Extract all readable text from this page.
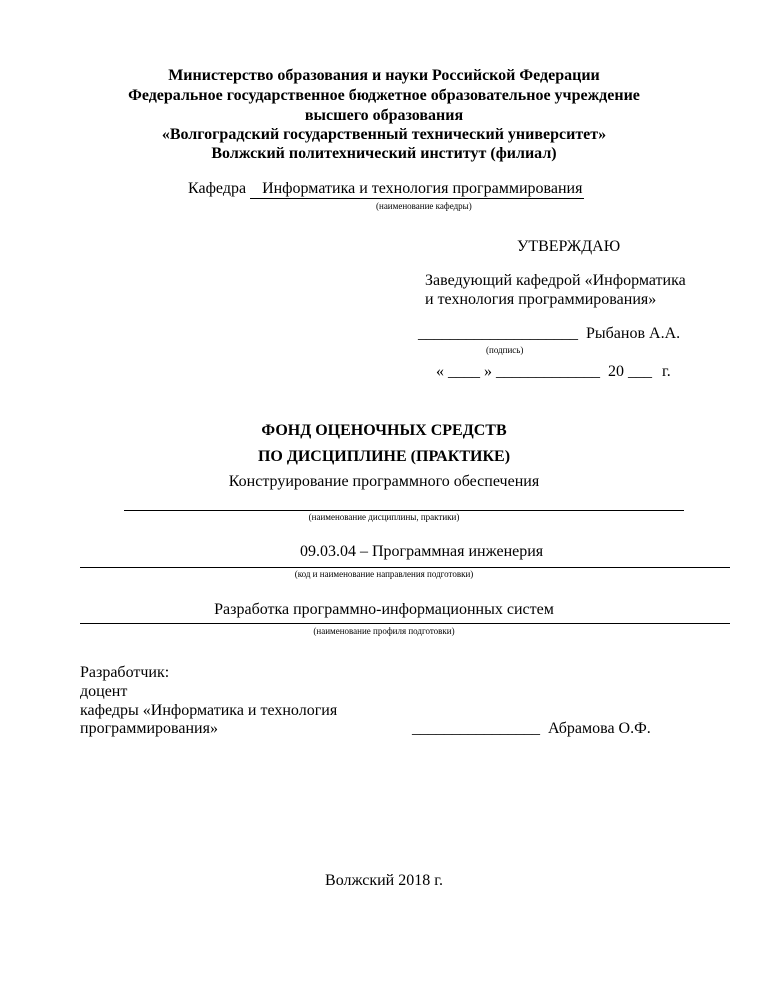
Министерство образования и науки Российской Федерации
Федеральное государственное бюджетное образовательное учреждение
высшего образования
«Волгоградский государственный технический университет»
Волжский политехнический институт (филиал)
Кафедра Информатика и технология программирования
(наименование кафедры)
УТВЕРЖДАЮ
Заведующий кафедрой «Информатика
и технология программирования»
____________________ Рыбанов А.А.
(подпись)
« ____ » _____________ 20 ___ г.
ФОНД ОЦЕНОЧНЫХ СРЕДСТВ
ПО ДИСЦИПЛИНЕ (ПРАКТИКЕ)
Конструирование программного обеспечения
(наименование дисциплины, практики)
09.03.04 – Программная инженерия
(код и наименование направления подготовки)
Разработка программно-информационных систем
(наименование профиля подготовки)
Разработчик:
доцент
кафедры «Информатика и технология
программирования»	________________ Абрамова О.Ф.
Волжский 2018 г.
